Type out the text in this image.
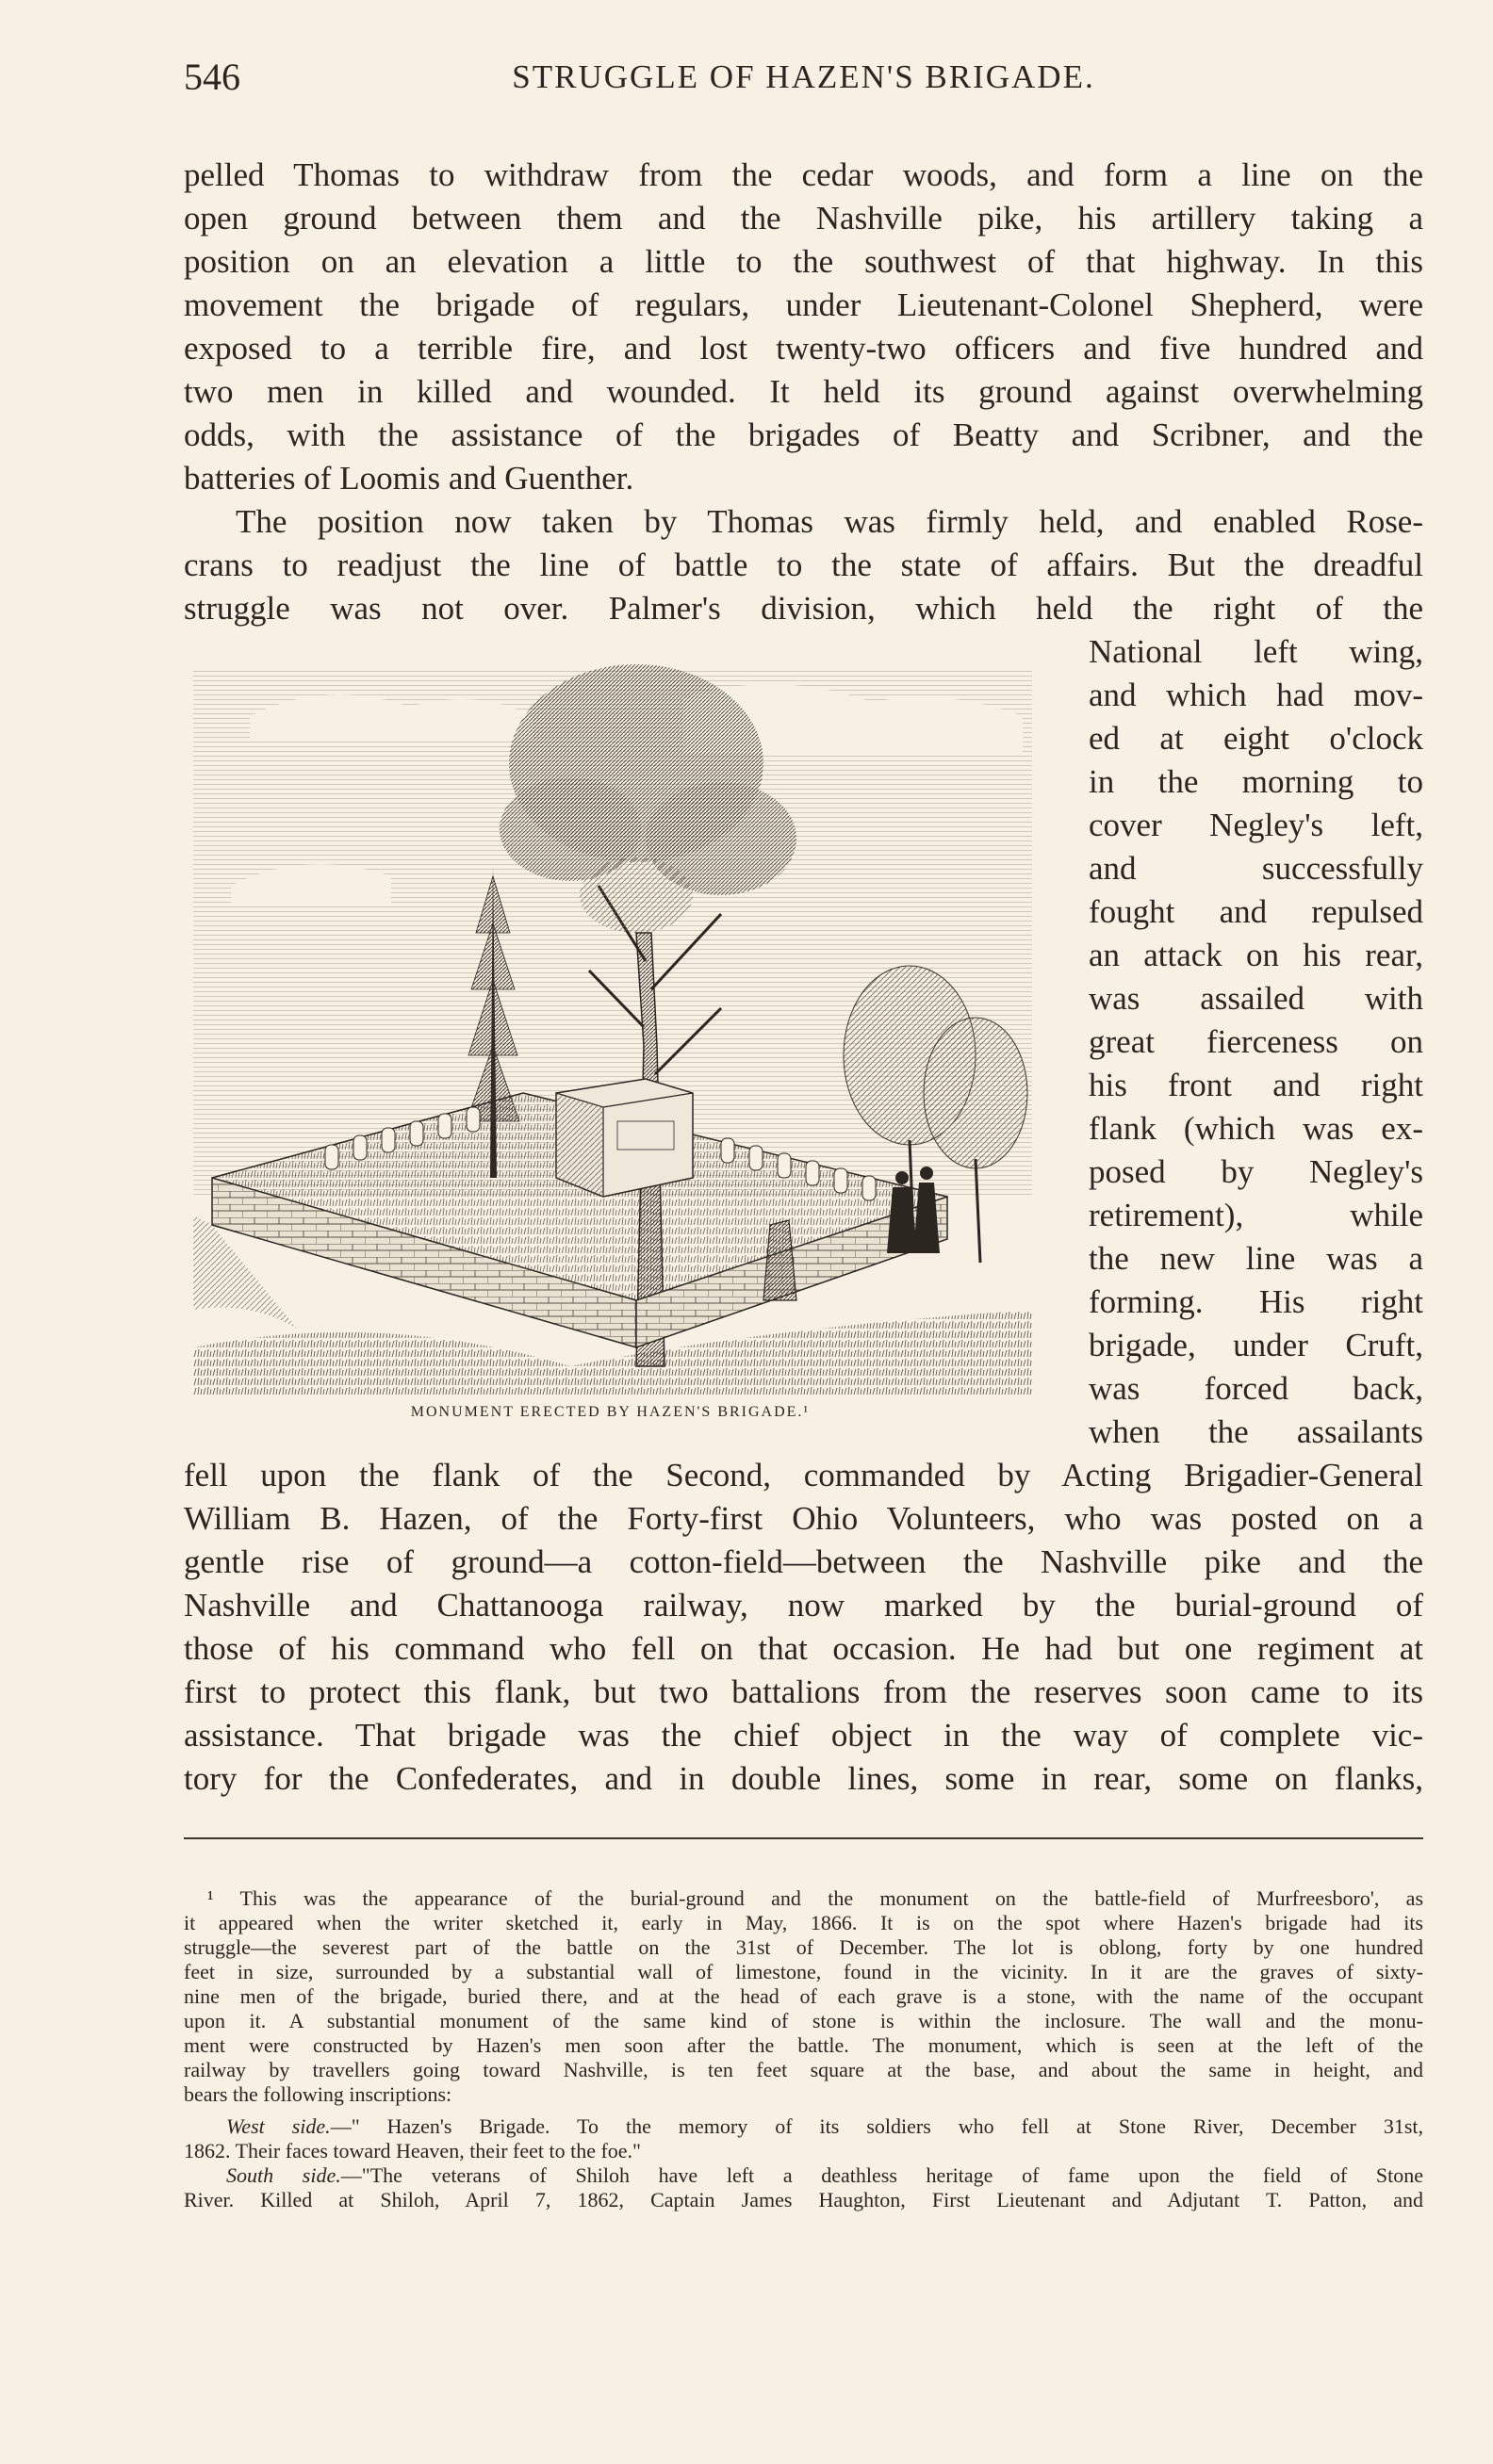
546	STRUGGLE OF HAZEN'S BRIGADE.
pelled Thomas to withdraw from the cedar woods, and form a line on the
open ground between them and the Nashville pike, his artillery taking a
position on an elevation a little to the southwest of that highway. In this
movement the brigade of regulars, under Lieutenant-Colonel Shepherd, were
exposed to a terrible fire, and lost twenty-two officers and five hundred and
two men in killed and wounded. It held its ground against overwhelming
odds, with the assistance of the brigades of Beatty and Scribner, and the
batteries of Loomis and Guenther.
The position now taken by Thomas was firmly held, and enabled Rose-
crans to readjust the line of battle to the state of affairs. But the dreadful
struggle was not over. Palmer's division, which held the right of the
National left wing,
and which had mov-
ed at eight o'clock
in the morning to
cover Negley's left,
and successfully
fought and repulsed
an attack on his rear,
was assailed with
great fierceness on
his front and right
flank (which was ex-
posed by Negley's
retirement), while
the new line was a
forming. His right
brigade, under Cruft,
was forced back,
when the assailants
fell upon the flank of the Second, commanded by Acting Brigadier-General
William B. Hazen, of the Forty-first Ohio Volunteers, who was posted on a
gentle rise of ground—a cotton-field—between the Nashville pike and the
Nashville and Chattanooga railway, now marked by the burial-ground of
those of his command who fell on that occasion. He had but one regiment at
first to protect this flank, but two battalions from the reserves soon came to its
assistance. That brigade was the chief object in the way of complete vic-
tory for the Confederates, and in double lines, some in rear, some on flanks,
MONUMENT ERECTED BY HAZEN'S BRIGADE.¹
¹ This was the appearance of the burial-ground and the monument on the battle-field of Murfreesboro', as
it appeared when the writer sketched it, early in May, 1866. It is on the spot where Hazen's brigade had its
struggle—the severest part of the battle on the 31st of December. The lot is oblong, forty by one hundred
feet in size, surrounded by a substantial wall of limestone, found in the vicinity. In it are the graves of sixty-
nine men of the brigade, buried there, and at the head of each grave is a stone, with the name of the occupant
upon it. A substantial monument of the same kind of stone is within the inclosure. The wall and the monu-
ment were constructed by Hazen's men soon after the battle. The monument, which is seen at the left of the
railway by travellers going toward Nashville, is ten feet square at the base, and about the same in height, and
bears the following inscriptions:
West side.—" Hazen's Brigade. To the memory of its soldiers who fell at Stone River, December 31st,
1862. Their faces toward Heaven, their feet to the foe."
South side.—"The veterans of Shiloh have left a deathless heritage of fame upon the field of Stone
River. Killed at Shiloh, April 7, 1862, Captain James Haughton, First Lieutenant and Adjutant T. Patton, and
